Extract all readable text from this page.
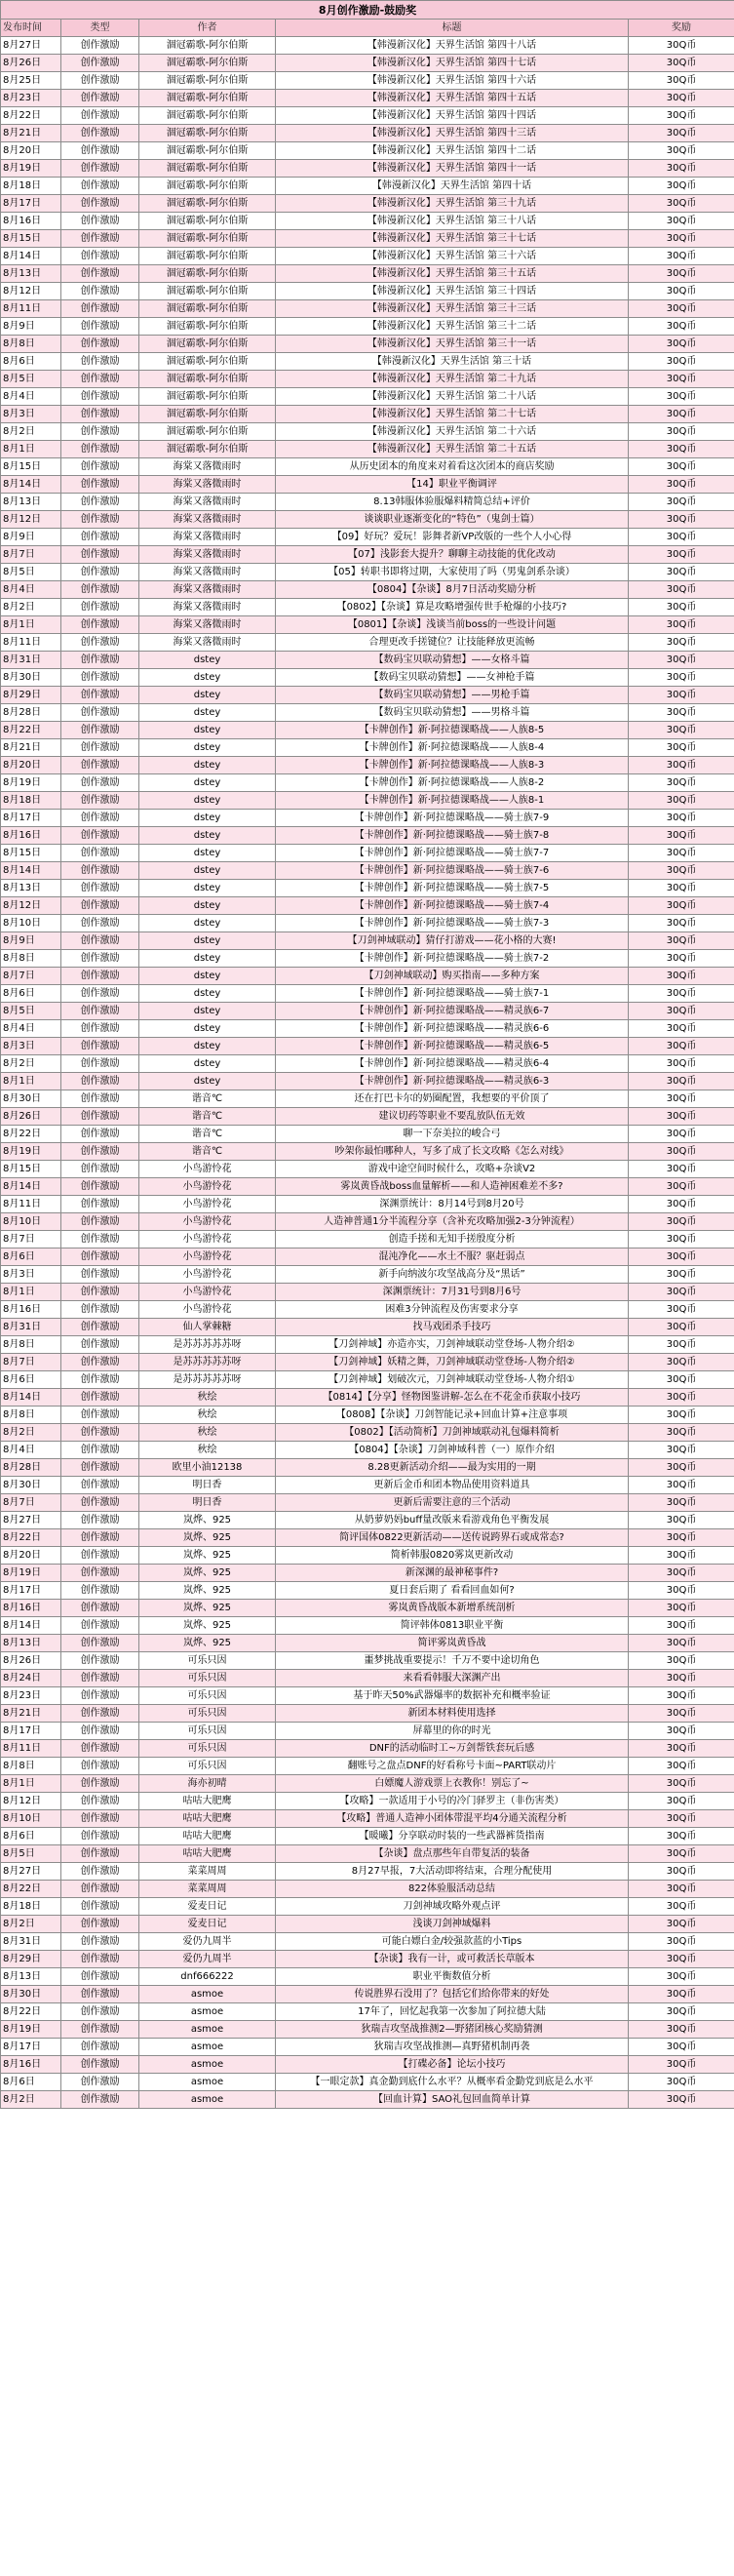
8月创作激励-鼓励奖				
发布时间	类型	作者	标题	奖励
8月27日	创作激励	涸冠霸歌-阿尔伯斯	【韩漫新汉化】天界生活馆 第四十八话	30Q币
8月26日	创作激励	涸冠霸歌-阿尔伯斯	【韩漫新汉化】天界生活馆 第四十七话	30Q币
8月25日	创作激励	涸冠霸歌-阿尔伯斯	【韩漫新汉化】天界生活馆 第四十六话	30Q币
8月23日	创作激励	涸冠霸歌-阿尔伯斯	【韩漫新汉化】天界生活馆 第四十五话	30Q币
8月22日	创作激励	涸冠霸歌-阿尔伯斯	【韩漫新汉化】天界生活馆 第四十四话	30Q币
8月21日	创作激励	涸冠霸歌-阿尔伯斯	【韩漫新汉化】天界生活馆 第四十三话	30Q币
8月20日	创作激励	涸冠霸歌-阿尔伯斯	【韩漫新汉化】天界生活馆 第四十二话	30Q币
8月19日	创作激励	涸冠霸歌-阿尔伯斯	【韩漫新汉化】天界生活馆 第四十一话	30Q币
8月18日	创作激励	涸冠霸歌-阿尔伯斯	【韩漫新汉化】天界生活馆 第四十话	30Q币
8月17日	创作激励	涸冠霸歌-阿尔伯斯	【韩漫新汉化】天界生活馆 第三十九话	30Q币
8月16日	创作激励	涸冠霸歌-阿尔伯斯	【韩漫新汉化】天界生活馆 第三十八话	30Q币
8月15日	创作激励	涸冠霸歌-阿尔伯斯	【韩漫新汉化】天界生活馆 第三十七话	30Q币
8月14日	创作激励	涸冠霸歌-阿尔伯斯	【韩漫新汉化】天界生活馆 第三十六话	30Q币
8月13日	创作激励	涸冠霸歌-阿尔伯斯	【韩漫新汉化】天界生活馆 第三十五话	30Q币
8月12日	创作激励	涸冠霸歌-阿尔伯斯	【韩漫新汉化】天界生活馆 第三十四话	30Q币
8月11日	创作激励	涸冠霸歌-阿尔伯斯	【韩漫新汉化】天界生活馆 第三十三话	30Q币
8月9日	创作激励	涸冠霸歌-阿尔伯斯	【韩漫新汉化】天界生活馆 第三十二话	30Q币
8月8日	创作激励	涸冠霸歌-阿尔伯斯	【韩漫新汉化】天界生活馆 第三十一话	30Q币
8月6日	创作激励	涸冠霸歌-阿尔伯斯	【韩漫新汉化】天界生活馆 第三十话	30Q币
8月5日	创作激励	涸冠霸歌-阿尔伯斯	【韩漫新汉化】天界生活馆 第二十九话	30Q币
8月4日	创作激励	涸冠霸歌-阿尔伯斯	【韩漫新汉化】天界生活馆 第二十八话	30Q币
8月3日	创作激励	涸冠霸歌-阿尔伯斯	【韩漫新汉化】天界生活馆 第二十七话	30Q币
8月2日	创作激励	涸冠霸歌-阿尔伯斯	【韩漫新汉化】天界生活馆 第二十六话	30Q币
8月1日	创作激励	涸冠霸歌-阿尔伯斯	【韩漫新汉化】天界生活馆 第二十五话	30Q币
8月15日	创作激励	海棠又落微雨时	从历史团本的角度来对着看这次团本的商店奖励	30Q币
8月14日	创作激励	海棠又落微雨时	【14】职业平衡调评	30Q币
8月13日	创作激励	海棠又落微雨时	8.13韩服体验服爆料精简总结+评价	30Q币
8月12日	创作激励	海棠又落微雨时	谈谈职业逐渐变化的“特色”（鬼剑士篇）	30Q币
8月9日	创作激励	海棠又落微雨时	【09】好玩？爱玩！影舞者新VP改版的一些个人小心得	30Q币
8月7日	创作激励	海棠又落微雨时	【07】浅影套大提升？聊聊主动技能的优化改动	30Q币
8月5日	创作激励	海棠又落微雨时	【05】转职书即将过期，大家使用了吗（男鬼剑系杂谈）	30Q币
8月4日	创作激励	海棠又落微雨时	【0804】【杂谈】8月7日活动奖励分析	30Q币
8月2日	创作激励	海棠又落微雨时	【0802】【杂谈】算是攻略增强传世手枪爆的小技巧?	30Q币
8月1日	创作激励	海棠又落微雨时	【0801】【杂谈】浅谈当前boss的一些设计问题	30Q币
8月11日	创作激励	海棠又落微雨时	合理更改手搓键位？让技能释放更流畅	30Q币
8月31日	创作激励	dstey	【数码宝贝联动猜想】——女格斗篇	30Q币
8月30日	创作激励	dstey	【数码宝贝联动猜想】——女神枪手篇	30Q币
8月29日	创作激励	dstey	【数码宝贝联动猜想】——男枪手篇	30Q币
8月28日	创作激励	dstey	【数码宝贝联动猜想】——男格斗篇	30Q币
8月22日	创作激励	dstey	【卡牌创作】新·阿拉德课略战——人族8-5	30Q币
8月21日	创作激励	dstey	【卡牌创作】新·阿拉德课略战——人族8-4	30Q币
8月20日	创作激励	dstey	【卡牌创作】新·阿拉德课略战——人族8-3	30Q币
8月19日	创作激励	dstey	【卡牌创作】新·阿拉德课略战——人族8-2	30Q币
8月18日	创作激励	dstey	【卡牌创作】新·阿拉德课略战——人族8-1	30Q币
8月17日	创作激励	dstey	【卡牌创作】新·阿拉德课略战——骑士族7-9	30Q币
8月16日	创作激励	dstey	【卡牌创作】新·阿拉德课略战——骑士族7-8	30Q币
8月15日	创作激励	dstey	【卡牌创作】新·阿拉德课略战——骑士族7-7	30Q币
8月14日	创作激励	dstey	【卡牌创作】新·阿拉德课略战——骑士族7-6	30Q币
8月13日	创作激励	dstey	【卡牌创作】新·阿拉德课略战——骑士族7-5	30Q币
8月12日	创作激励	dstey	【卡牌创作】新·阿拉德课略战——骑士族7-4	30Q币
8月10日	创作激励	dstey	【卡牌创作】新·阿拉德课略战——骑士族7-3	30Q币
8月9日	创作激励	dstey	【刀剑神域联动】猜仔打游戏——花小格的大赛!	30Q币
8月8日	创作激励	dstey	【卡牌创作】新·阿拉德课略战——骑士族7-2	30Q币
8月7日	创作激励	dstey	【刀剑神域联动】购买指南——多种方案	30Q币
8月6日	创作激励	dstey	【卡牌创作】新·阿拉德课略战——骑士族7-1	30Q币
8月5日	创作激励	dstey	【卡牌创作】新·阿拉德课略战——精灵族6-7	30Q币
8月4日	创作激励	dstey	【卡牌创作】新·阿拉德课略战——精灵族6-6	30Q币
8月3日	创作激励	dstey	【卡牌创作】新·阿拉德课略战——精灵族6-5	30Q币
8月2日	创作激励	dstey	【卡牌创作】新·阿拉德课略战——精灵族6-4	30Q币
8月1日	创作激励	dstey	【卡牌创作】新·阿拉德课略战——精灵族6-3	30Q币
8月30日	创作激励	谐音℃	还在打巴卡尔的奶圈配置，我想要的平价顶了	30Q币
8月26日	创作激励	谐音℃	建议切药等职业不要乱放队伍无效	30Q币
8月22日	创作激励	谐音℃	聊一下奈美拉的峻合弓	30Q币
8月19日	创作激励	谐音℃	吵架你最怕哪种人，写多了成了长文攻略《怎么对线》	30Q币
8月15日	创作激励	小鸟游怜花	游戏中途空间时候什么，攻略+杂谈V2	30Q币
8月14日	创作激励	小鸟游怜花	雾岚黄昏战boss血量解析——和人造神困难差不多?	30Q币
8月11日	创作激励	小鸟游怜花	深渊票统计：8月14号到8月20号	30Q币
8月10日	创作激励	小鸟游怜花	人造神普通1分半流程分享（含补充攻略加强2-3分钟流程）	30Q币
8月7日	创作激励	小鸟游怜花	创造手搓和无知手搓殷度分析	30Q币
8月6日	创作激励	小鸟游怜花	混沌净化——水土不服？驱赶弱点	30Q币
8月3日	创作激励	小鸟游怜花	新手向纳波尔攻坚战高分及“黑话”	30Q币
8月1日	创作激励	小鸟游怜花	深渊票统计：7月31号到8月6号	30Q币
8月16日	创作激励	小鸟游怜花	困难3分钟流程及伤害要求分享	30Q币
8月31日	创作激励	仙人掌棘糖	找马戏团杀手技巧	30Q币
8月8日	创作激励	是苏苏苏苏苏呀	【刀剑神域】亦造亦实，刀剑神域联动堂登场-人物介绍②	30Q币
8月7日	创作激励	是苏苏苏苏苏呀	【刀剑神域】妖精之舞，刀剑神域联动堂登场-人物介绍②	30Q币
8月6日	创作激励	是苏苏苏苏苏呀	【刀剑神域】划破次元，刀剑神域联动堂登场-人物介绍①	30Q币
8月14日	创作激励	秋绘	【0814】【分享】怪物图鉴讲解-怎么在不花金币获取小技巧	30Q币
8月8日	创作激励	秋绘	【0808】【杂谈】刀剑智能记录+回血计算+注意事项	30Q币
8月2日	创作激励	秋绘	【0802】【活动简析】刀剑神域联动礼包爆料简析	30Q币
8月4日	创作激励	秋绘	【0804】【杂谈】刀剑神域科普（一）原作介绍	30Q币
8月28日	创作激励	欧里小油12138	8.28更新活动介绍——最为实用的一期	30Q币
8月30日	创作激励	明日香	更新后金币和团本物品使用资料道具	30Q币
8月7日	创作激励	明日香	更新后需要注意的三个活动	30Q币
8月27日	创作激励	岚烨、925	从奶萝奶妈buff量改版来看游戏角色平衡发展	30Q币
8月22日	创作激励	岚烨、925	简评国体0822更新活动——送传说跨界石或成常态?	30Q币
8月20日	创作激励	岚烨、925	简析韩服0820雾岚更新改动	30Q币
8月19日	创作激励	岚烨、925	新深渊的最神秘事件?	30Q币
8月17日	创作激励	岚烨、925	夏日套后期了 看看回血如何?	30Q币
8月16日	创作激励	岚烨、925	雾岚黄昏战版本新增系统剖析	30Q币
8月14日	创作激励	岚烨、925	简评韩体0813职业平衡	30Q币
8月13日	创作激励	岚烨、925	简评雾岚黄昏战	30Q币
8月26日	创作激励	可乐只因	噩梦挑战重要提示！千万不要中途切角色	30Q币
8月24日	创作激励	可乐只因	来看看韩服大深渊产出	30Q币
8月23日	创作激励	可乐只因	基于昨天50%武器爆率的数据补充和概率验证	30Q币
8月21日	创作激励	可乐只因	新团本材料使用选择	30Q币
8月17日	创作激励	可乐只因	屏幕里的你的时光	30Q币
8月11日	创作激励	可乐只因	DNF的活动临时工~万剑帮铁套玩后感	30Q币
8月8日	创作激励	可乐只因	翻账号之盘点DNF的好看称号卡面~PART联动片	30Q币
8月1日	创作激励	海亦初晴	白嫖魔人游戏票上衣教你！别忘了~	30Q币
8月12日	创作激励	咕咕大肥鹰	【攻略】一款适用于小号的冷门驿罗主（非伤害类）	30Q币
8月10日	创作激励	咕咕大肥鹰	【攻略】普通人造神小团体带混平均4分通关流程分析	30Q币
8月6日	创作激励	咕咕大肥鹰	【暖曦】分享联动时装的一些武器裤货指南	30Q币
8月5日	创作激励	咕咕大肥鹰	【杂谈】盘点那些年自带复活的装备	30Q币
8月27日	创作激励	菜菜周周	8月27早报，7大活动即将结束，合理分配使用	30Q币
8月22日	创作激励	菜菜周周	822体验服活动总结	30Q币
8月18日	创作激励	爱麦日记	刀剑神域攻略外观点评	30Q币
8月2日	创作激励	爱麦日记	浅谈刀剑神域爆料	30Q币
8月31日	创作激励	爱仍九周半	可能白嫖白金/较强款蓝的小Tips	30Q币
8月29日	创作激励	爱仍九周半	【杂谈】我有一计，或可救活长草版本	30Q币
8月13日	创作激励	dnf666222	职业平衡数值分析	30Q币
8月30日	创作激励	asmoe	传说胜界石没用了？包括它们给你带来的好处	30Q币
8月22日	创作激励	asmoe	17年了，回忆起我第一次参加了阿拉德大陆	30Q币
8月19日	创作激励	asmoe	狄瑞吉攻坚战推测2—野猪团核心奖励猜测	30Q币
8月17日	创作激励	asmoe	狄瑞吉攻坚战推测—真野猪机制再袭	30Q币
8月16日	创作激励	asmoe	【打碟必备】论坛小技巧	30Q币
8月6日	创作激励	asmoe	【一眼定款】真金勤到底什么水平？从概率看金勤党到底是么水平	30Q币
8月2日	创作激励	asmoe	【回血计算】SAO礼包回血简单计算	30Q币
